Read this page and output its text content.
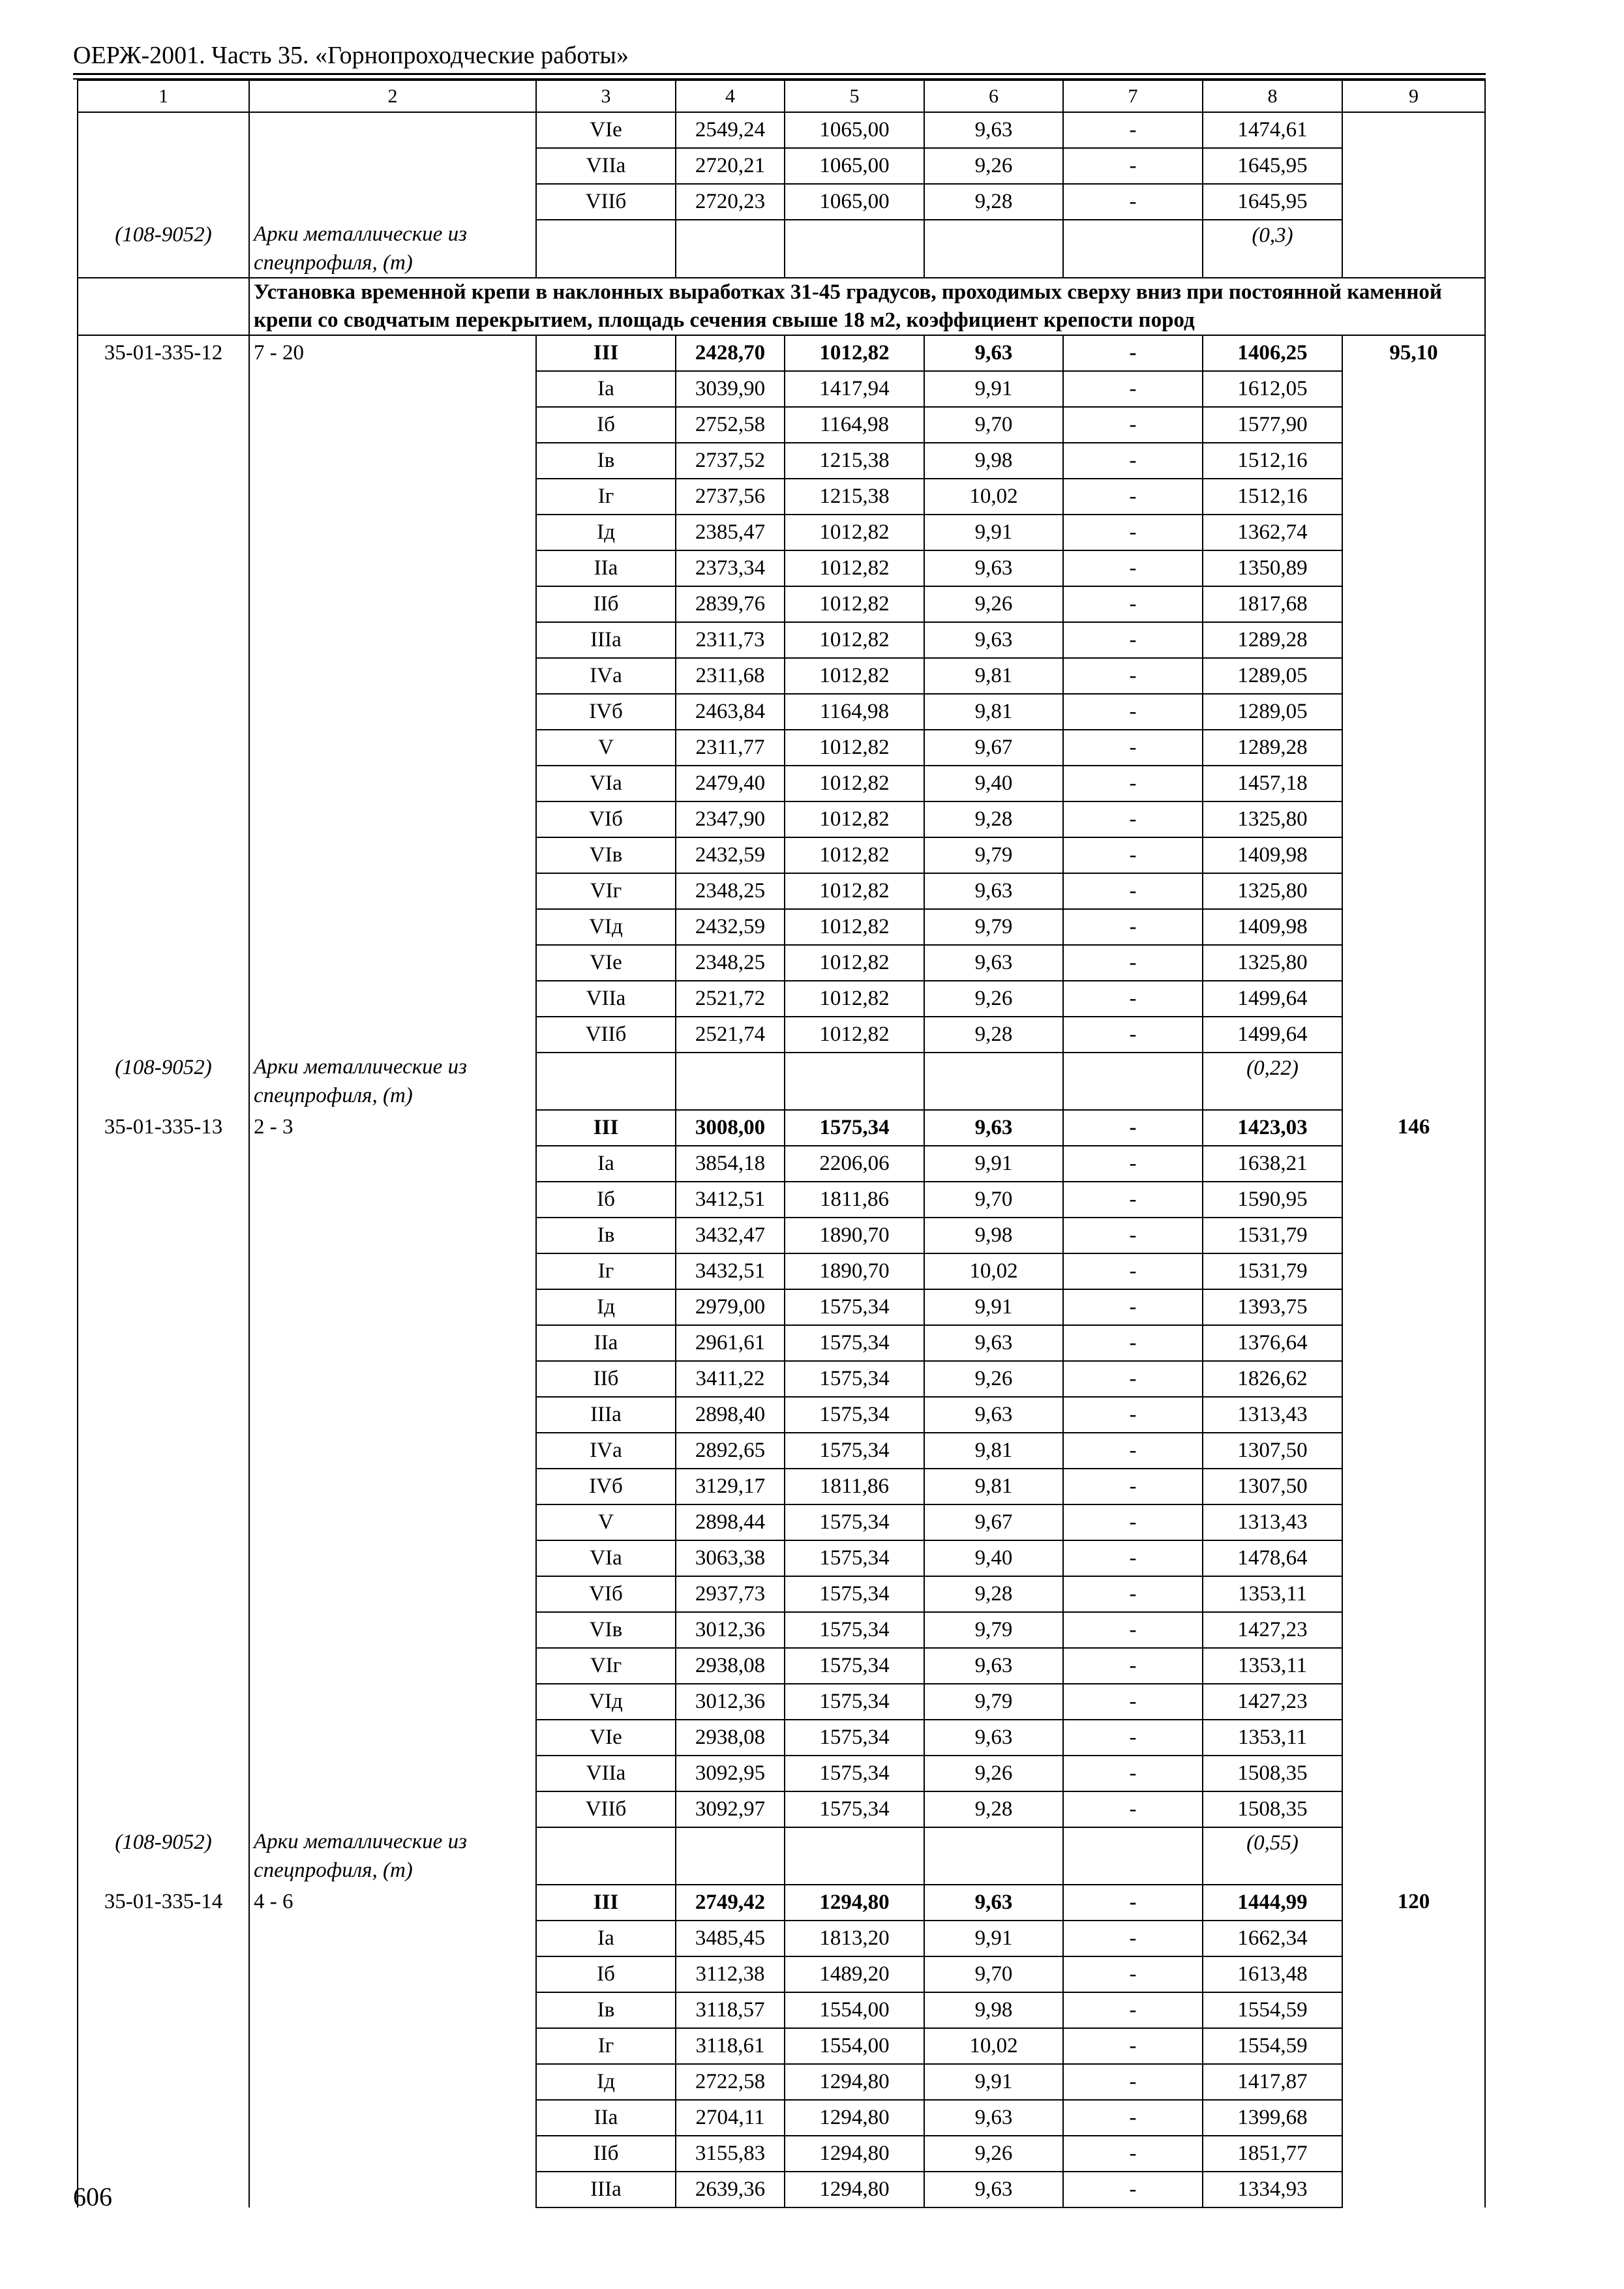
ОЕРЖ-2001. Часть 35. «Горнопроходческие работы»
1	2	3	4	5	6	7	8	9
		VIе	2549,24	1065,00	9,63	-	1474,61	
		VIIа	2720,21	1065,00	9,26	-	1645,95	
		VIIб	2720,23	1065,00	9,28	-	1645,95	
(108-9052)	Арки металлические из спецпрофиля, (т)						(0,3)	
	Установка временной крепи в наклонных выработках 31-45 градусов, проходимых сверху вниз при постоянной каменной крепи со сводчатым перекрытием, площадь сечения свыше 18 м2, коэффициент крепости пород							
35-01-335-12	7 - 20	III	2428,70	1012,82	9,63	-	1406,25	95,10
		Iа	3039,90	1417,94	9,91	-	1612,05	
		Iб	2752,58	1164,98	9,70	-	1577,90	
		Iв	2737,52	1215,38	9,98	-	1512,16	
		Iг	2737,56	1215,38	10,02	-	1512,16	
		Iд	2385,47	1012,82	9,91	-	1362,74	
		IIа	2373,34	1012,82	9,63	-	1350,89	
		IIб	2839,76	1012,82	9,26	-	1817,68	
		IIIа	2311,73	1012,82	9,63	-	1289,28	
		IVа	2311,68	1012,82	9,81	-	1289,05	
		IVб	2463,84	1164,98	9,81	-	1289,05	
		V	2311,77	1012,82	9,67	-	1289,28	
		VIа	2479,40	1012,82	9,40	-	1457,18	
		VIб	2347,90	1012,82	9,28	-	1325,80	
		VIв	2432,59	1012,82	9,79	-	1409,98	
		VIг	2348,25	1012,82	9,63	-	1325,80	
		VIд	2432,59	1012,82	9,79	-	1409,98	
		VIе	2348,25	1012,82	9,63	-	1325,80	
		VIIа	2521,72	1012,82	9,26	-	1499,64	
		VIIб	2521,74	1012,82	9,28	-	1499,64	
(108-9052)	Арки металлические из спецпрофиля, (т)						(0,22)	
35-01-335-13	2 - 3	III	3008,00	1575,34	9,63	-	1423,03	146
		Iа	3854,18	2206,06	9,91	-	1638,21	
		Iб	3412,51	1811,86	9,70	-	1590,95	
		Iв	3432,47	1890,70	9,98	-	1531,79	
		Iг	3432,51	1890,70	10,02	-	1531,79	
		Iд	2979,00	1575,34	9,91	-	1393,75	
		IIа	2961,61	1575,34	9,63	-	1376,64	
		IIб	3411,22	1575,34	9,26	-	1826,62	
		IIIа	2898,40	1575,34	9,63	-	1313,43	
		IVа	2892,65	1575,34	9,81	-	1307,50	
		IVб	3129,17	1811,86	9,81	-	1307,50	
		V	2898,44	1575,34	9,67	-	1313,43	
		VIа	3063,38	1575,34	9,40	-	1478,64	
		VIб	2937,73	1575,34	9,28	-	1353,11	
		VIв	3012,36	1575,34	9,79	-	1427,23	
		VIг	2938,08	1575,34	9,63	-	1353,11	
		VIд	3012,36	1575,34	9,79	-	1427,23	
		VIе	2938,08	1575,34	9,63	-	1353,11	
		VIIа	3092,95	1575,34	9,26	-	1508,35	
		VIIб	3092,97	1575,34	9,28	-	1508,35	
(108-9052)	Арки металлические из спецпрофиля, (т)						(0,55)	
35-01-335-14	4 - 6	III	2749,42	1294,80	9,63	-	1444,99	120
		Iа	3485,45	1813,20	9,91	-	1662,34	
		Iб	3112,38	1489,20	9,70	-	1613,48	
		Iв	3118,57	1554,00	9,98	-	1554,59	
		Iг	3118,61	1554,00	10,02	-	1554,59	
		Iд	2722,58	1294,80	9,91	-	1417,87	
		IIа	2704,11	1294,80	9,63	-	1399,68	
		IIб	3155,83	1294,80	9,26	-	1851,77	
		IIIа	2639,36	1294,80	9,63	-	1334,93	
606
